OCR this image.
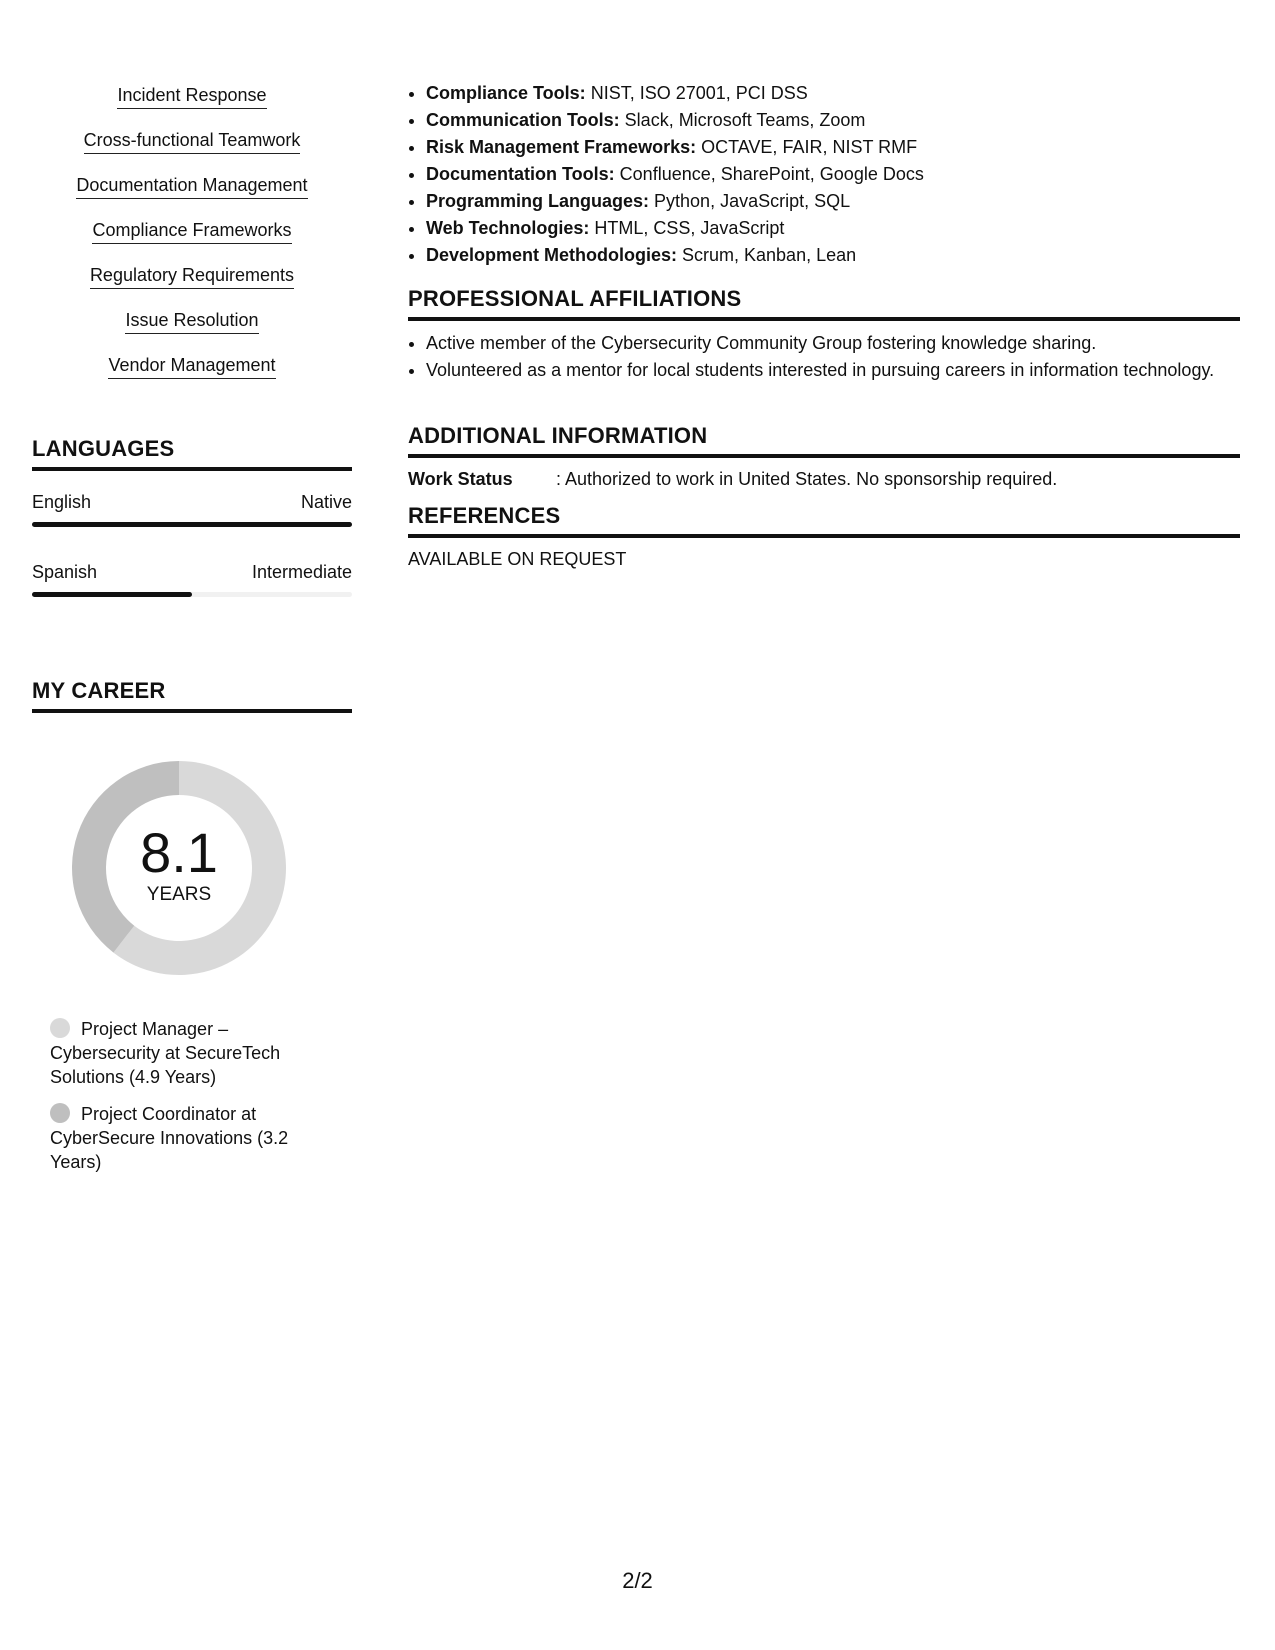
Incident Response
Cross-functional Teamwork
Documentation Management
Compliance Frameworks
Regulatory Requirements
Issue Resolution
Vendor Management
LANGUAGES
English	Native
Spanish	Intermediate
MY CAREER
8.1
YEARS
Project Manager – Cybersecurity at SecureTech Solutions (4.9 Years)
Project Coordinator at CyberSecure Innovations (3.2 Years)
• Compliance Tools: NIST, ISO 27001, PCI DSS
• Communication Tools: Slack, Microsoft Teams, Zoom
• Risk Management Frameworks: OCTAVE, FAIR, NIST RMF
• Documentation Tools: Confluence, SharePoint, Google Docs
• Programming Languages: Python, JavaScript, SQL
• Web Technologies: HTML, CSS, JavaScript
• Development Methodologies: Scrum, Kanban, Lean
PROFESSIONAL AFFILIATIONS
• Active member of the Cybersecurity Community Group fostering knowledge sharing.
• Volunteered as a mentor for local students interested in pursuing careers in information technology.
ADDITIONAL INFORMATION
Work Status : Authorized to work in United States. No sponsorship required.
REFERENCES
AVAILABLE ON REQUEST
2/2
